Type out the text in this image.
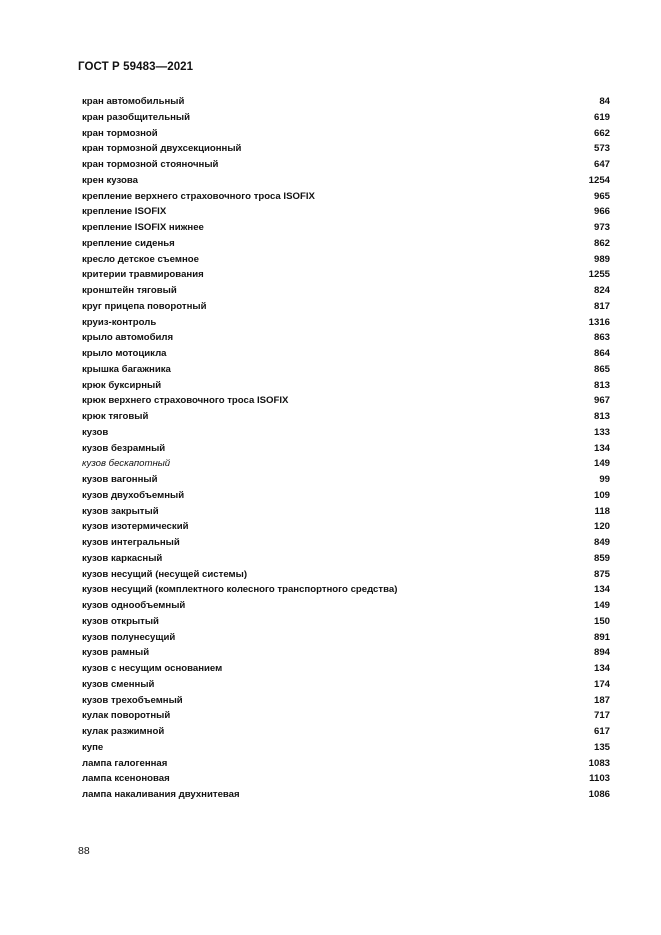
ГОСТ Р 59483—2021
кран автомобильный	84
кран разобщительный	619
кран тормозной	662
кран тормозной двухсекционный	573
кран тормозной стояночный	647
крен кузова	1254
крепление верхнего страховочного троса ISOFIX	965
крепление ISOFIX	966
крепление ISOFIX нижнее	973
крепление сиденья	862
кресло детское съемное	989
критерии травмирования	1255
кронштейн тяговый	824
круг прицепа поворотный	817
круиз-контроль	1316
крыло автомобиля	863
крыло мотоцикла	864
крышка багажника	865
крюк буксирный	813
крюк верхнего страховочного троса ISOFIX	967
крюк тяговый	813
кузов	133
кузов безрамный	134
кузов бескапотный	149
кузов вагонный	99
кузов двухобъемный	109
кузов закрытый	118
кузов изотермический	120
кузов интегральный	849
кузов каркасный	859
кузов несущий (несущей системы)	875
кузов несущий (комплектного колесного транспортного средства)	134
кузов однообъемный	149
кузов открытый	150
кузов полунесущий	891
кузов рамный	894
кузов с несущим основанием	134
кузов сменный	174
кузов трехобъемный	187
кулак поворотный	717
кулак разжимной	617
купе	135
лампа галогенная	1083
лампа ксеноновая	1103
лампа накаливания двухнитевая	1086
88
